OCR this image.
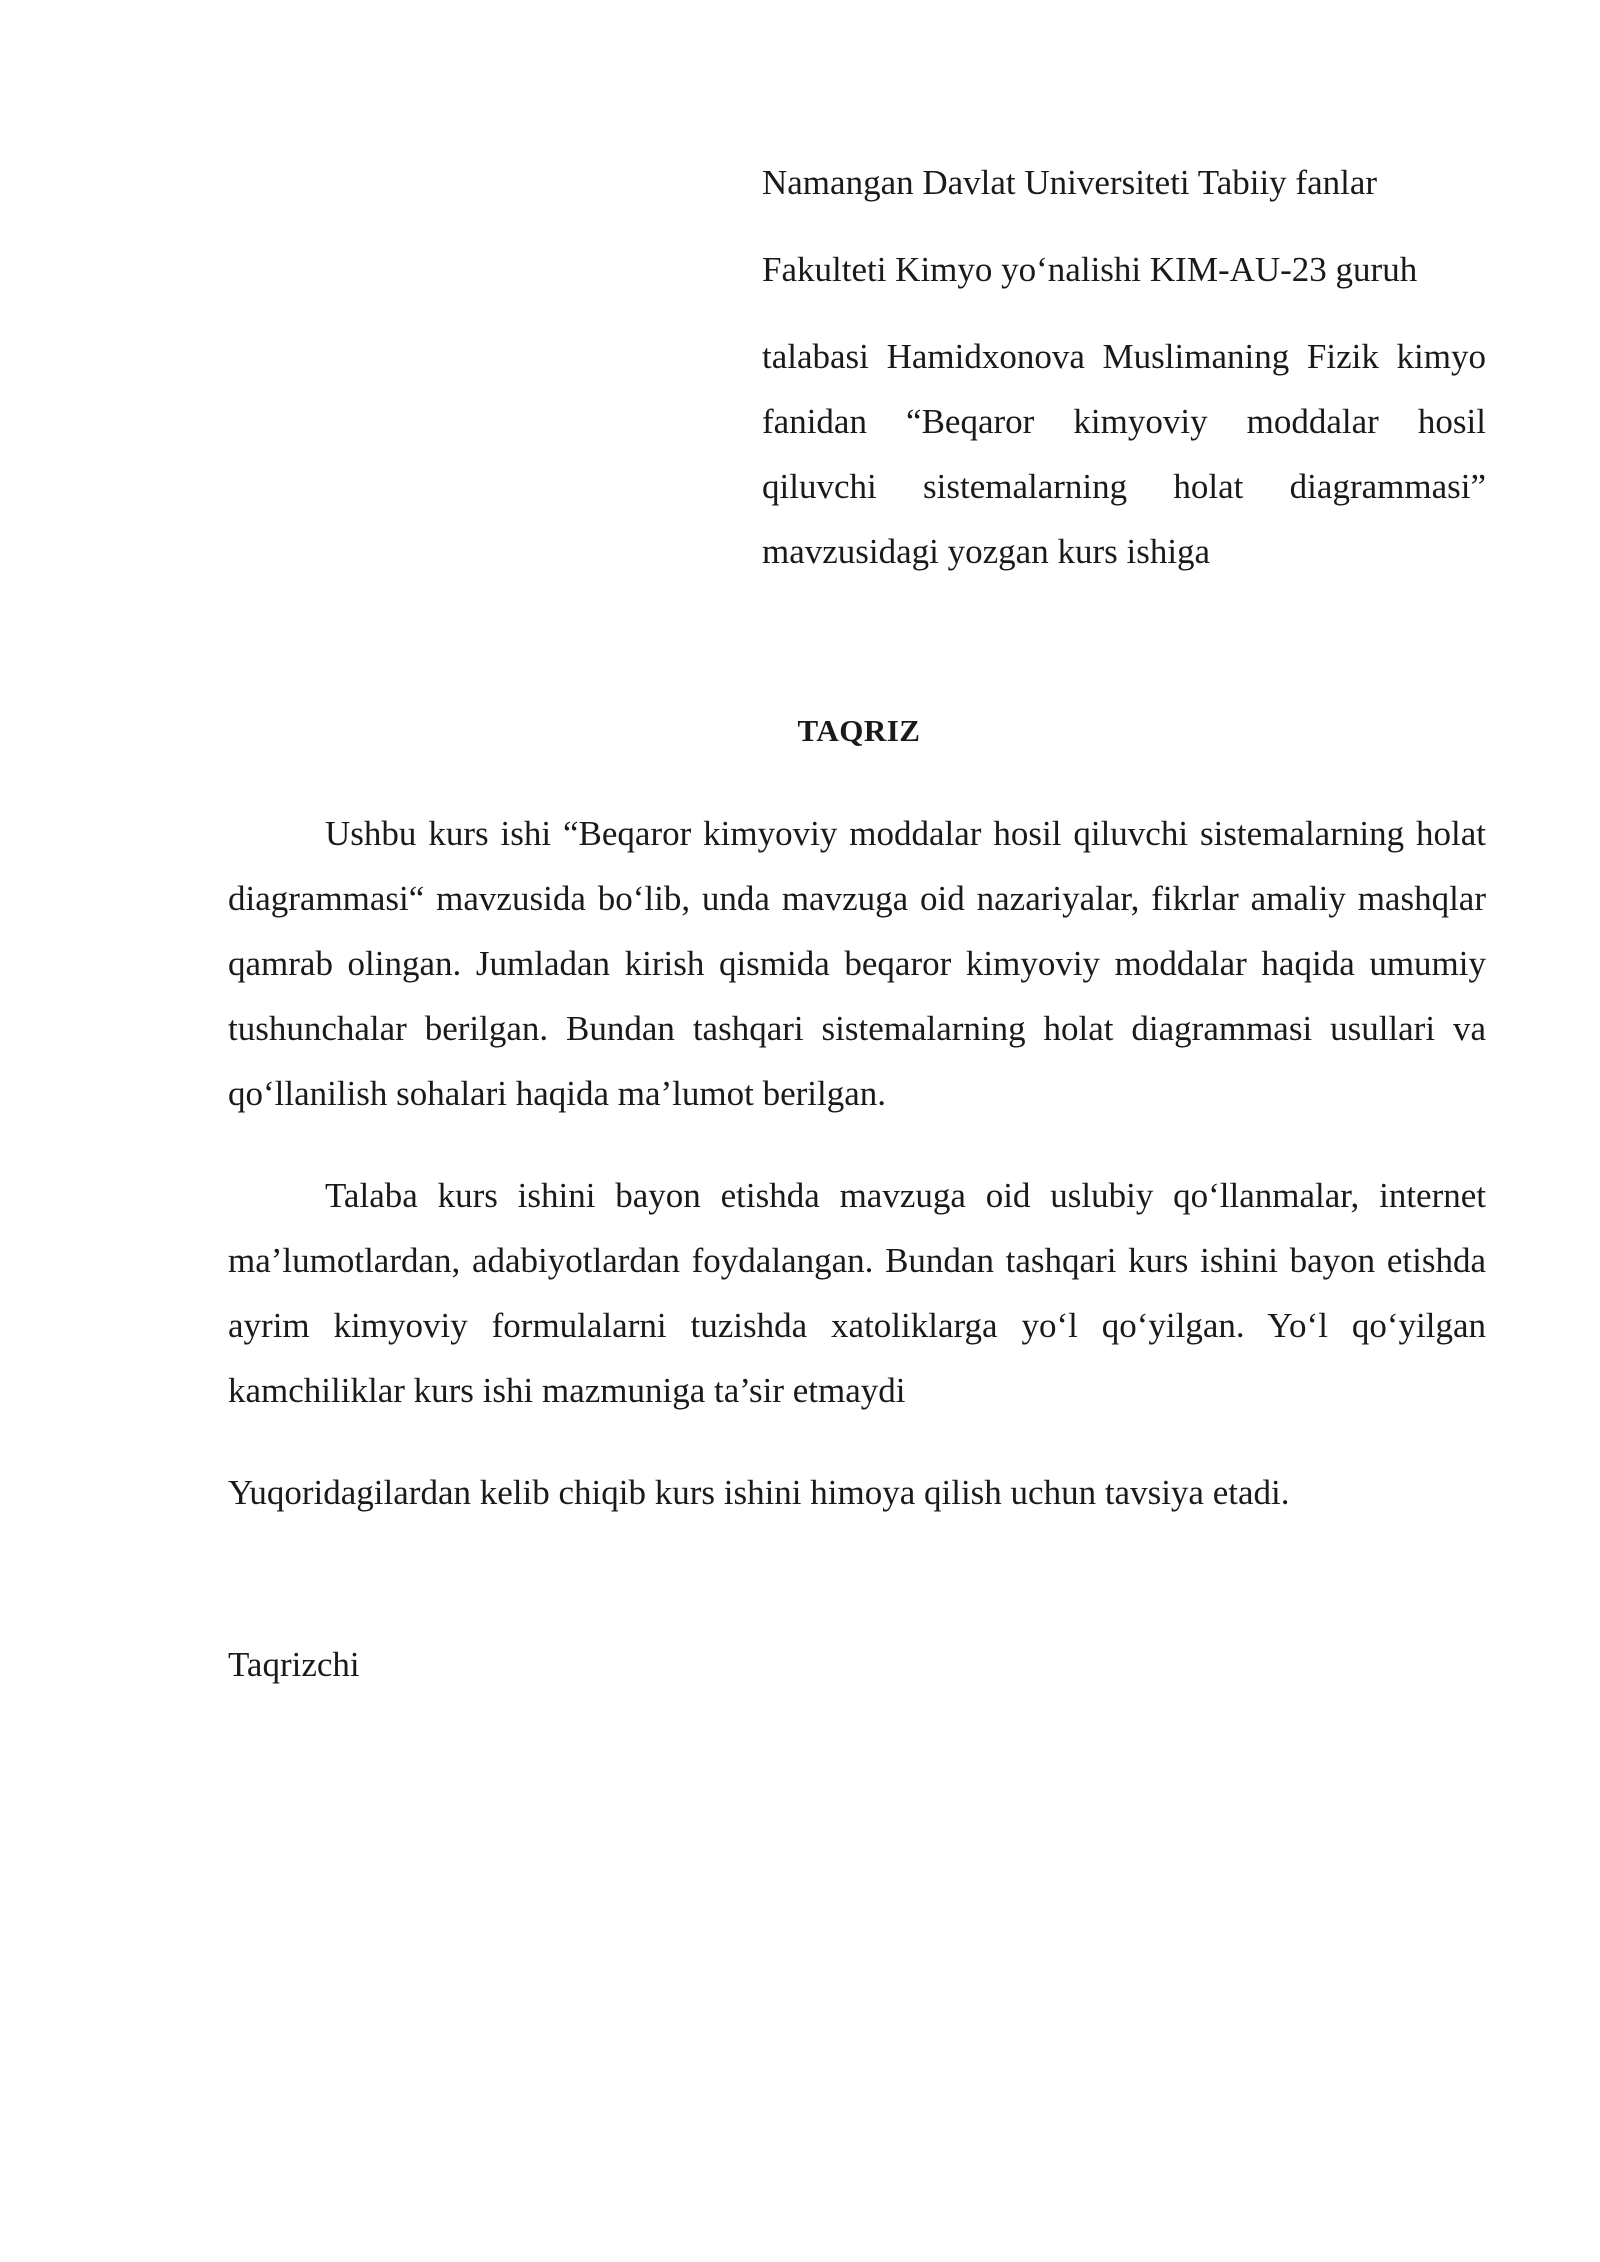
Namangan Davlat Universiteti Tabiiy fanlar
Fakulteti Kimyo yo‘nalishi KIM-AU-23 guruh
talabasi Hamidxonova Muslimaning Fizik kimyo fanidan “Beqaror kimyoviy moddalar hosil qiluvchi sistemalarning holat diagrammasi” mavzusidagi yozgan kurs ishiga
TAQRIZ

Ushbu kurs ishi “Beqaror kimyoviy moddalar hosil qiluvchi sistemalarning holat diagrammasi“ mavzusida bo‘lib, unda mavzuga oid nazariyalar, fikrlar amaliy mashqlar qamrab olingan. Jumladan kirish qismida beqaror kimyoviy moddalar haqida umumiy tushunchalar berilgan. Bundan tashqari sistemalarning holat diagrammasi usullari va qo‘llanilish sohalari haqida ma’lumot berilgan.

Talaba kurs ishini bayon etishda mavzuga oid uslubiy qo‘llanmalar, internet ma’lumotlardan, adabiyotlardan foydalangan. Bundan tashqari kurs ishini bayon etishda ayrim kimyoviy formulalarni tuzishda xatoliklarga yo‘l qo‘yilgan. Yo‘l qo‘yilgan kamchiliklar kurs ishi mazmuniga ta’sir etmaydi

Yuqoridagilardan kelib chiqib kurs ishini himoya qilish uchun tavsiya etadi.

Taqrizchi
